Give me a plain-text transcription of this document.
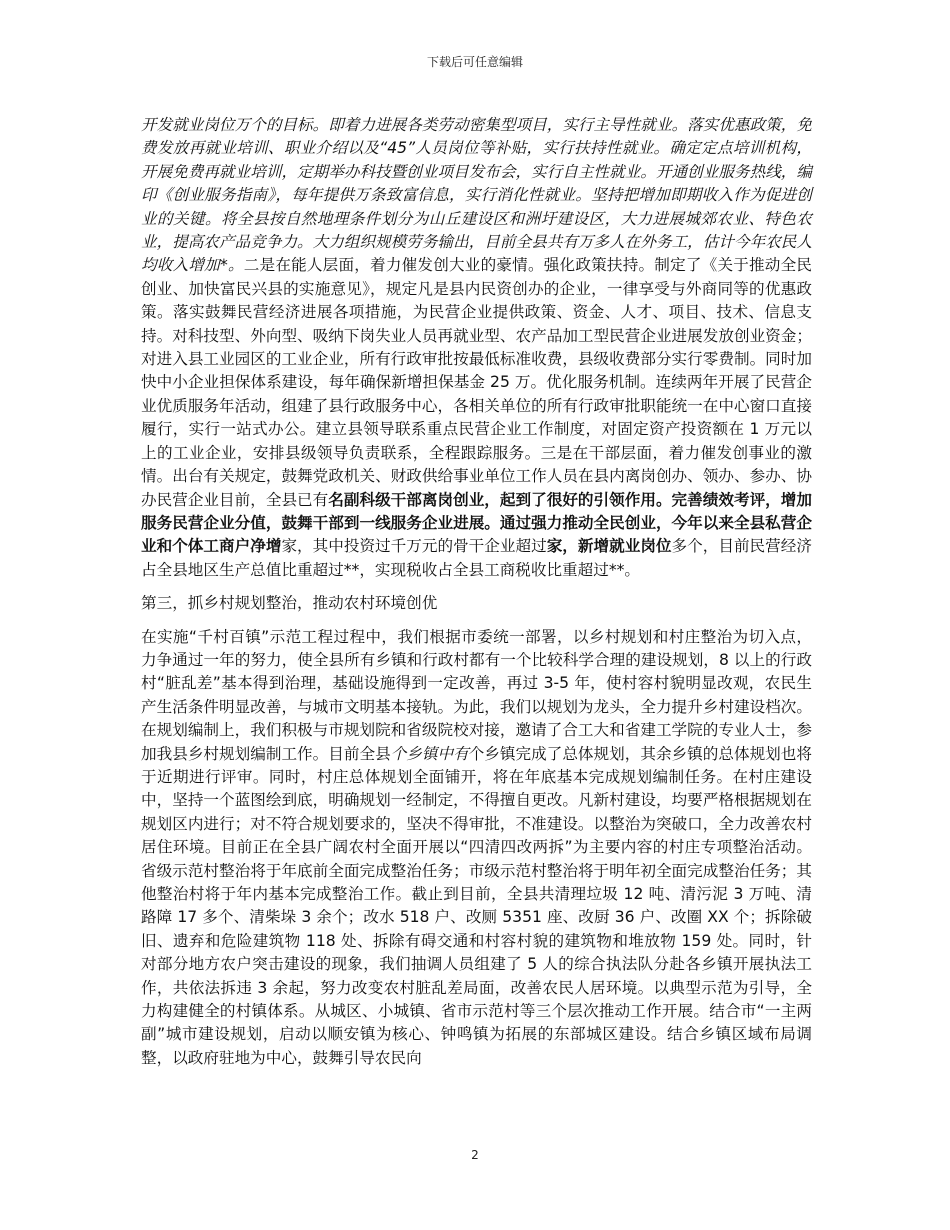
下载后可任意编辑

开发就业岗位万个的目标。即着力进展各类劳动密集型项目，实行主导性就业。落实优惠政策，免费发放再就业培训、职业介绍以及“45”人员岗位等补贴，实行扶持性就业。确定定点培训机构，开展免费再就业培训，定期举办科技暨创业项目发布会，实行自主性就业。开通创业服务热线，编印《创业服务指南》，每年提供万条致富信息，实行消化性就业。坚持把增加即期收入作为促进创业的关键。将全县按自然地理条件划分为山丘建设区和洲圩建设区，大力进展城郊农业、特色农业，提高农产品竞争力。大力组织规模劳务输出，目前全县共有万多人在外务工，估计今年农民人均收入增加*。二是在能人层面，着力催发创大业的豪情。强化政策扶持。制定了《关于推动全民创业、加快富民兴县的实施意见》，规定凡是县内民资创办的企业，一律享受与外商同等的优惠政策。落实鼓舞民营经济进展各项措施，为民营企业提供政策、资金、人才、项目、技术、信息支持。对科技型、外向型、吸纳下岗失业人员再就业型、农产品加工型民营企业进展发放创业资金；对进入县工业园区的工业企业，所有行政审批按最低标准收费，县级收费部分实行零费制。同时加快中小企业担保体系建设，每年确保新增担保基金 25 万。优化服务机制。连续两年开展了民营企业优质服务年活动，组建了县行政服务中心，各相关单位的所有行政审批职能统一在中心窗口直接履行，实行一站式办公。建立县领导联系重点民营企业工作制度，对固定资产投资额在 1 万元以上的工业企业，安排县级领导负责联系，全程跟踪服务。三是在干部层面，着力催发创事业的激情。出台有关规定，鼓舞党政机关、财政供给事业单位工作人员在县内离岗创办、领办、参办、协办民营企业目前，全县已有名副科级干部离岗创业，起到了很好的引领作用。完善绩效考评，增加服务民营企业分值，鼓舞干部到一线服务企业进展。通过强力推动全民创业，今年以来全县私营企业和个体工商户净增家，其中投资过千万元的骨干企业超过家，新增就业岗位多个，目前民营经济占全县地区生产总值比重超过**，实现税收占全县工商税收比重超过**。

第三，抓乡村规划整治，推动农村环境创优

在实施“千村百镇”示范工程过程中，我们根据市委统一部署，以乡村规划和村庄整治为切入点，力争通过一年的努力，使全县所有乡镇和行政村都有一个比较科学合理的建设规划，8 以上的行政村“脏乱差”基本得到治理，基础设施得到一定改善，再过 3-5 年，使村容村貌明显改观，农民生产生活条件明显改善，与城市文明基本接轨。为此，我们以规划为龙头，全力提升乡村建设档次。在规划编制上，我们积极与市规划院和省级院校对接，邀请了合工大和省建工学院的专业人士，参加我县乡村规划编制工作。目前全县个乡镇中有个乡镇完成了总体规划，其余乡镇的总体规划也将于近期进行评审。同时，村庄总体规划全面铺开，将在年底基本完成规划编制任务。在村庄建设中，坚持一个蓝图绘到底，明确规划一经制定，不得擅自更改。凡新村建设，均要严格根据规划在规划区内进行；对不符合规划要求的，坚决不得审批，不准建设。以整治为突破口，全力改善农村居住环境。目前正在全县广阔农村全面开展以“四清四改两拆”为主要内容的村庄专项整治活动。省级示范村整治将于年底前全面完成整治任务；市级示范村整治将于明年初全面完成整治任务；其他整治村将于年内基本完成整治工作。截止到目前，全县共清理垃圾 12 吨、清污泥 3 万吨、清路障 17 多个、清柴垛 3 余个；改水 518 户、改厕 5351 座、改厨 36 户、改圈 XX 个；拆除破旧、遗弃和危险建筑物 118 处、拆除有碍交通和村容村貌的建筑物和堆放物 159 处。同时，针对部分地方农户突击建设的现象，我们抽调人员组建了 5 人的综合执法队分赴各乡镇开展执法工作，共依法拆违 3 余起，努力改变农村脏乱差局面，改善农民人居环境。以典型示范为引导，全力构建健全的村镇体系。从城区、小城镇、省市示范村等三个层次推动工作开展。结合市“一主两副”城市建设规划，启动以顺安镇为核心、钟鸣镇为拓展的东部城区建设。结合乡镇区域布局调整，以政府驻地为中心，鼓舞引导农民向

2
